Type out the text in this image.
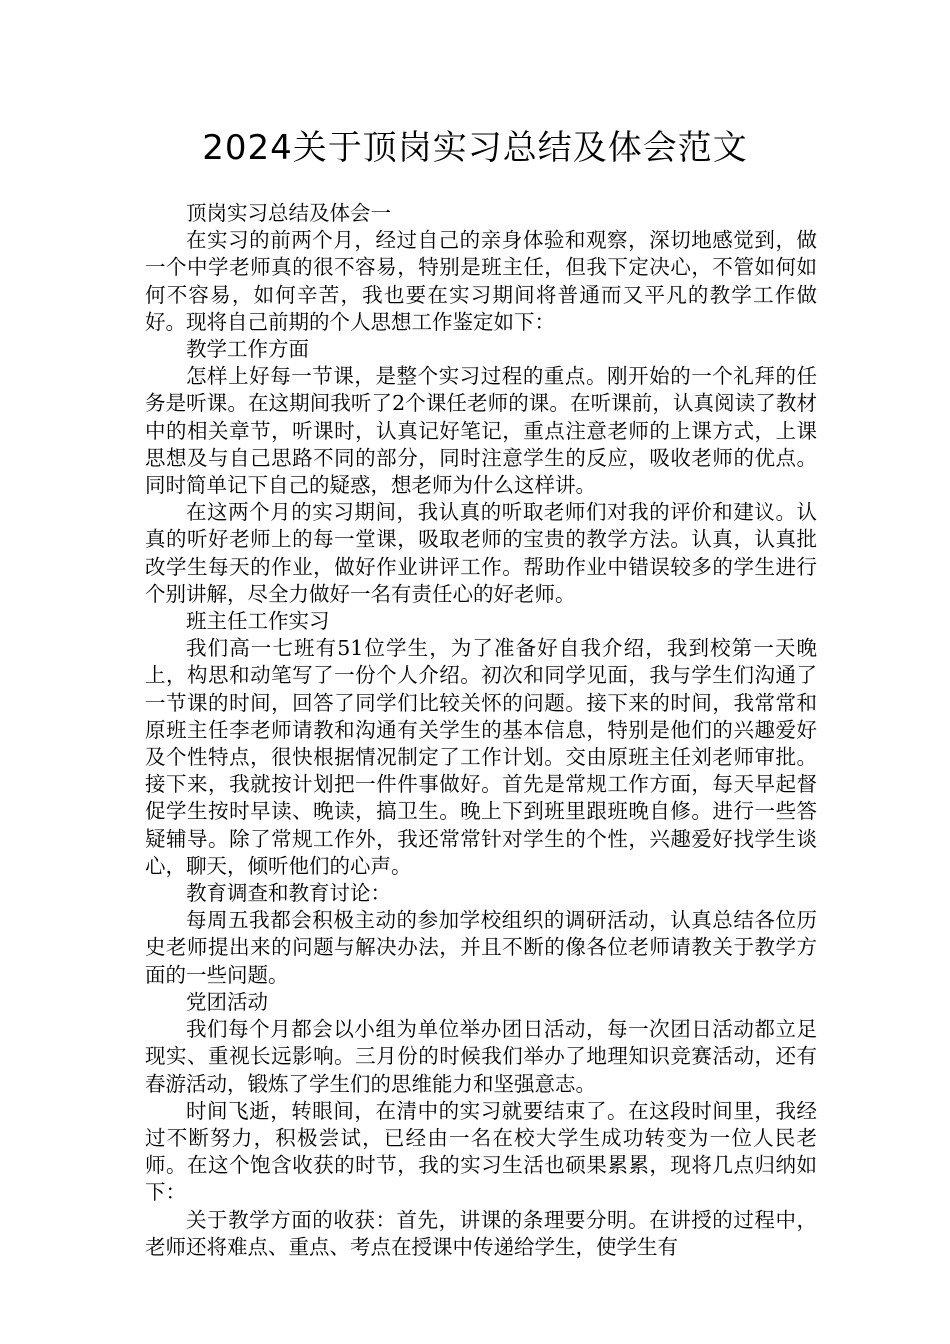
2024关于顶岗实习总结及体会范文

顶岗实习总结及体会一

在实习的前两个月，经过自己的亲身体验和观察，深切地感觉到，做一个中学老师真的很不容易，特别是班主任，但我下定决心，不管如何如何不容易，如何辛苦，我也要在实习期间将普通而又平凡的教学工作做好。现将自己前期的个人思想工作鉴定如下：

教学工作方面

怎样上好每一节课，是整个实习过程的重点。刚开始的一个礼拜的任务是听课。在这期间我听了2个课任老师的课。在听课前，认真阅读了教材中的相关章节，听课时，认真记好笔记，重点注意老师的上课方式，上课思想及与自己思路不同的部分，同时注意学生的反应，吸收老师的优点。同时简单记下自己的疑惑，想老师为什么这样讲。

在这两个月的实习期间，我认真的听取老师们对我的评价和建议。认真的听好老师上的每一堂课，吸取老师的宝贵的教学方法。认真，认真批改学生每天的作业，做好作业讲评工作。帮助作业中错误较多的学生进行个别讲解，尽全力做好一名有责任心的好老师。

班主任工作实习

我们高一七班有51位学生，为了准备好自我介绍，我到校第一天晚上，构思和动笔写了一份个人介绍。初次和同学见面，我与学生们沟通了一节课的时间，回答了同学们比较关怀的问题。接下来的时间，我常常和原班主任李老师请教和沟通有关学生的基本信息，特别是他们的兴趣爱好及个性特点，很快根据情况制定了工作计划。交由原班主任刘老师审批。接下来，我就按计划把一件件事做好。首先是常规工作方面，每天早起督促学生按时早读、晚读，搞卫生。晚上下到班里跟班晚自修。进行一些答疑辅导。除了常规工作外，我还常常针对学生的个性，兴趣爱好找学生谈心，聊天，倾听他们的心声。

教育调查和教育讨论：

每周五我都会积极主动的参加学校组织的调研活动，认真总结各位历史老师提出来的问题与解决办法，并且不断的像各位老师请教关于教学方面的一些问题。

党团活动

我们每个月都会以小组为单位举办团日活动，每一次团日活动都立足现实、重视长远影响。三月份的时候我们举办了地理知识竞赛活动，还有春游活动，锻炼了学生们的思维能力和坚强意志。

时间飞逝，转眼间，在清中的实习就要结束了。在这段时间里，我经过不断努力，积极尝试，已经由一名在校大学生成功转变为一位人民老师。在这个饱含收获的时节，我的实习生活也硕果累累，现将几点归纳如下：

关于教学方面的收获：首先，讲课的条理要分明。在讲授的过程中，老师还将难点、重点、考点在授课中传递给学生，使学生有
